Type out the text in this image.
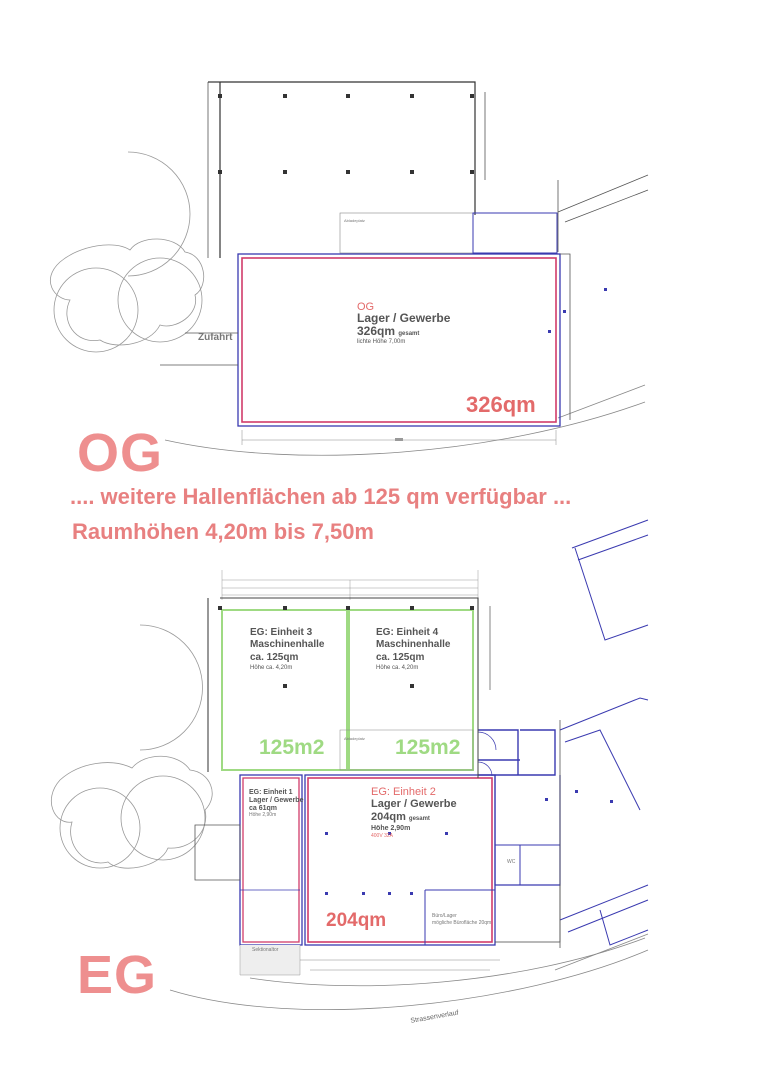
Abladeplatz
Abladeplatz
OG
Lager / Gewerbe
326qm gesamt
lichte Höhe 7,00m
326qm
Zufahrt
OG
.... weitere Hallenflächen ab 125 qm verfügbar ...
Raumhöhen 4,20m bis 7,50m
EG: Einheit 3
Maschinenhalle
ca. 125qm
Höhe ca. 4,20m
125m2
EG: Einheit 4
Maschinenhalle
ca. 125qm
Höhe ca. 4,20m
125m2
EG: Einheit 1
Lager / Gewerbe
ca 61qm
Höhe 2,90m
EG: Einheit 2
Lager / Gewerbe
204qm gesamt
Höhe 2,90m
400V 32A
204qm
WC
Büro/Lager
mögliche Bürofläche 20qm
Sektionaltor
Strassenverlauf
EG
